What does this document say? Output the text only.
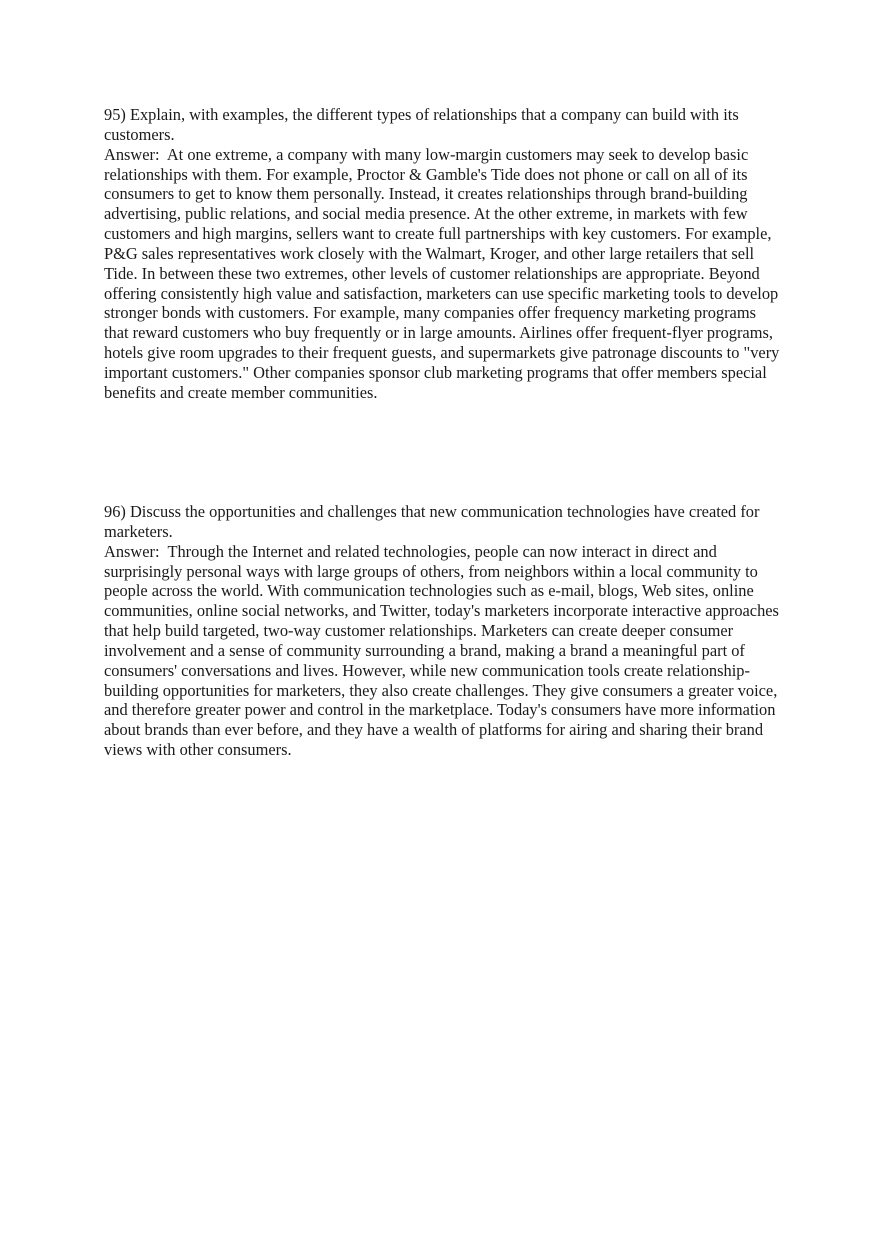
95) Explain, with examples, the different types of relationships that a company can build with its customers.

Answer: At one extreme, a company with many low-margin customers may seek to develop basic relationships with them. For example, Proctor & Gamble's Tide does not phone or call on all of its consumers to get to know them personally. Instead, it creates relationships through brand-building advertising, public relations, and social media presence. At the other extreme, in markets with few customers and high margins, sellers want to create full partnerships with key customers. For example, P&G sales representatives work closely with the Walmart, Kroger, and other large retailers that sell Tide. In between these two extremes, other levels of customer relationships are appropriate. Beyond offering consistently high value and satisfaction, marketers can use specific marketing tools to develop stronger bonds with customers. For example, many companies offer frequency marketing programs that reward customers who buy frequently or in large amounts. Airlines offer frequent-flyer programs, hotels give room upgrades to their frequent guests, and supermarkets give patronage discounts to "very important customers." Other companies sponsor club marketing programs that offer members special benefits and create member communities.

96) Discuss the opportunities and challenges that new communication technologies have created for marketers.

Answer: Through the Internet and related technologies, people can now interact in direct and surprisingly personal ways with large groups of others, from neighbors within a local community to people across the world. With communication technologies such as e-mail, blogs, Web sites, online communities, online social networks, and Twitter, today's marketers incorporate interactive approaches that help build targeted, two-way customer relationships. Marketers can create deeper consumer involvement and a sense of community surrounding a brand, making a brand a meaningful part of consumers' conversations and lives. However, while new communication tools create relationship-building opportunities for marketers, they also create challenges. They give consumers a greater voice, and therefore greater power and control in the marketplace. Today's consumers have more information about brands than ever before, and they have a wealth of platforms for airing and sharing their brand views with other consumers.
